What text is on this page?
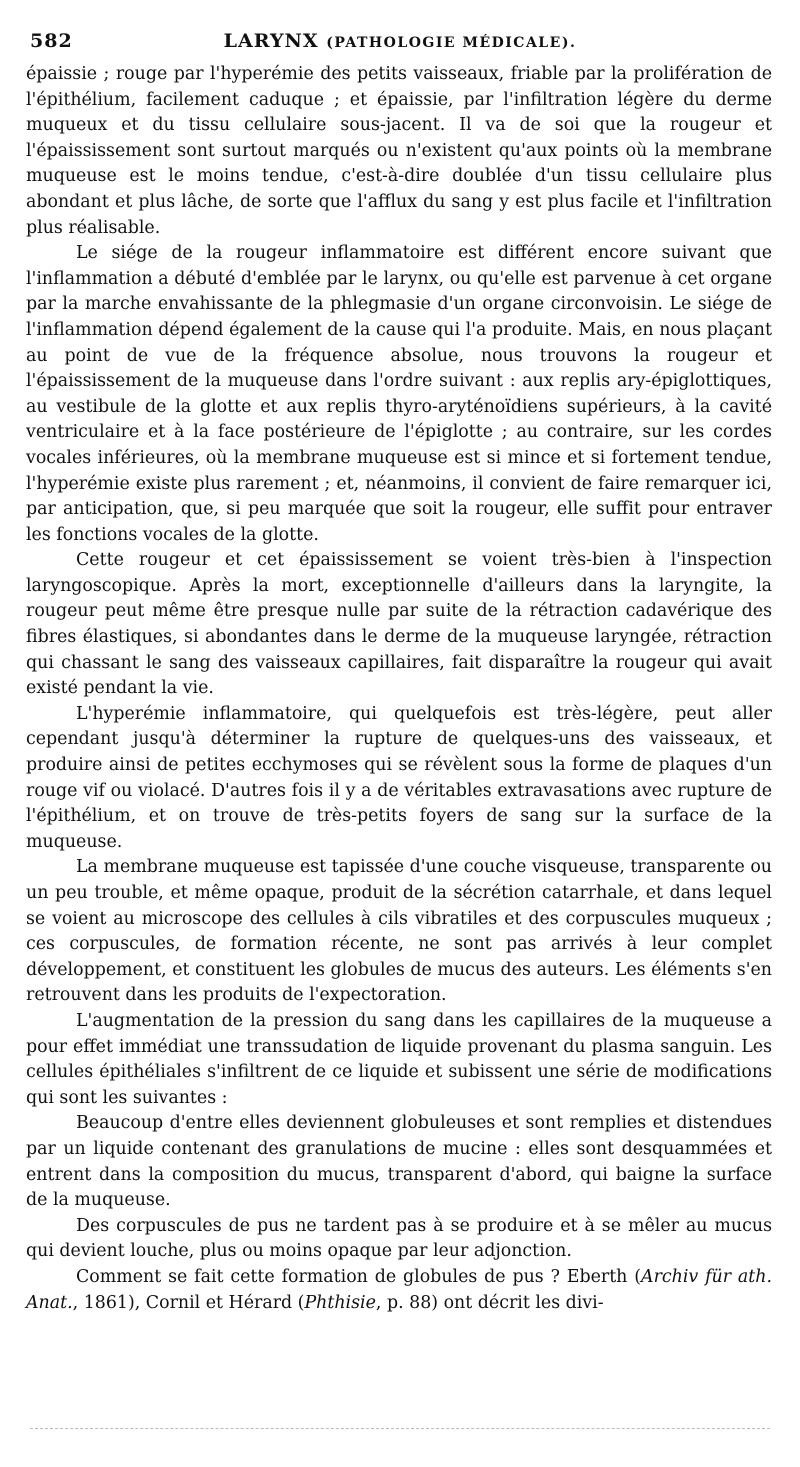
582	LARYNX (PATHOLOGIE MÉDICALE).

épaissie ; rouge par l'hyperémie des petits vaisseaux, friable par la prolifération de l'épithélium, facilement caduque ; et épaissie, par l'infiltration légère du derme muqueux et du tissu cellulaire sous-jacent. Il va de soi que la rougeur et l'épaississement sont surtout marqués ou n'existent qu'aux points où la membrane muqueuse est le moins tendue, c'est-à-dire doublée d'un tissu cellulaire plus abondant et plus lâche, de sorte que l'afflux du sang y est plus facile et l'infiltration plus réalisable.

Le siége de la rougeur inflammatoire est différent encore suivant que l'inflammation a débuté d'emblée par le larynx, ou qu'elle est parvenue à cet organe par la marche envahissante de la phlegmasie d'un organe circonvoisin. Le siége de l'inflammation dépend également de la cause qui l'a produite. Mais, en nous plaçant au point de vue de la fréquence absolue, nous trouvons la rougeur et l'épaississement de la muqueuse dans l'ordre suivant : aux replis ary-épiglottiques, au vestibule de la glotte et aux replis thyro-aryténoïdiens supérieurs, à la cavité ventriculaire et à la face postérieure de l'épiglotte ; au contraire, sur les cordes vocales inférieures, où la membrane muqueuse est si mince et si fortement tendue, l'hyperémie existe plus rarement ; et, néanmoins, il convient de faire remarquer ici, par anticipation, que, si peu marquée que soit la rougeur, elle suffit pour entraver les fonctions vocales de la glotte.

Cette rougeur et cet épaississement se voient très-bien à l'inspection laryngoscopique. Après la mort, exceptionnelle d'ailleurs dans la laryngite, la rougeur peut même être presque nulle par suite de la rétraction cadavérique des fibres élastiques, si abondantes dans le derme de la muqueuse laryngée, rétraction qui chassant le sang des vaisseaux capillaires, fait disparaître la rougeur qui avait existé pendant la vie.

L'hyperémie inflammatoire, qui quelquefois est très-légère, peut aller cependant jusqu'à déterminer la rupture de quelques-uns des vaisseaux, et produire ainsi de petites ecchymoses qui se révèlent sous la forme de plaques d'un rouge vif ou violacé. D'autres fois il y a de véritables extravasations avec rupture de l'épithélium, et on trouve de très-petits foyers de sang sur la surface de la muqueuse.

La membrane muqueuse est tapissée d'une couche visqueuse, transparente ou un peu trouble, et même opaque, produit de la sécrétion catarrhale, et dans lequel se voient au microscope des cellules à cils vibratiles et des corpuscules muqueux ; ces corpuscules, de formation récente, ne sont pas arrivés à leur complet développement, et constituent les globules de mucus des auteurs. Les éléments s'en retrouvent dans les produits de l'expectoration.

L'augmentation de la pression du sang dans les capillaires de la muqueuse a pour effet immédiat une transsudation de liquide provenant du plasma sanguin. Les cellules épithéliales s'infiltrent de ce liquide et subissent une série de modifications qui sont les suivantes :

Beaucoup d'entre elles deviennent globuleuses et sont remplies et distendues par un liquide contenant des granulations de mucine : elles sont desquammées et entrent dans la composition du mucus, transparent d'abord, qui baigne la surface de la muqueuse.

Des corpuscules de pus ne tardent pas à se produire et à se mêler au mucus qui devient louche, plus ou moins opaque par leur adjonction.

Comment se fait cette formation de globules de pus ? Eberth (Archiv für ath. Anat., 1861), Cornil et Hérard (Phthisie, p. 88) ont décrit les divi-
